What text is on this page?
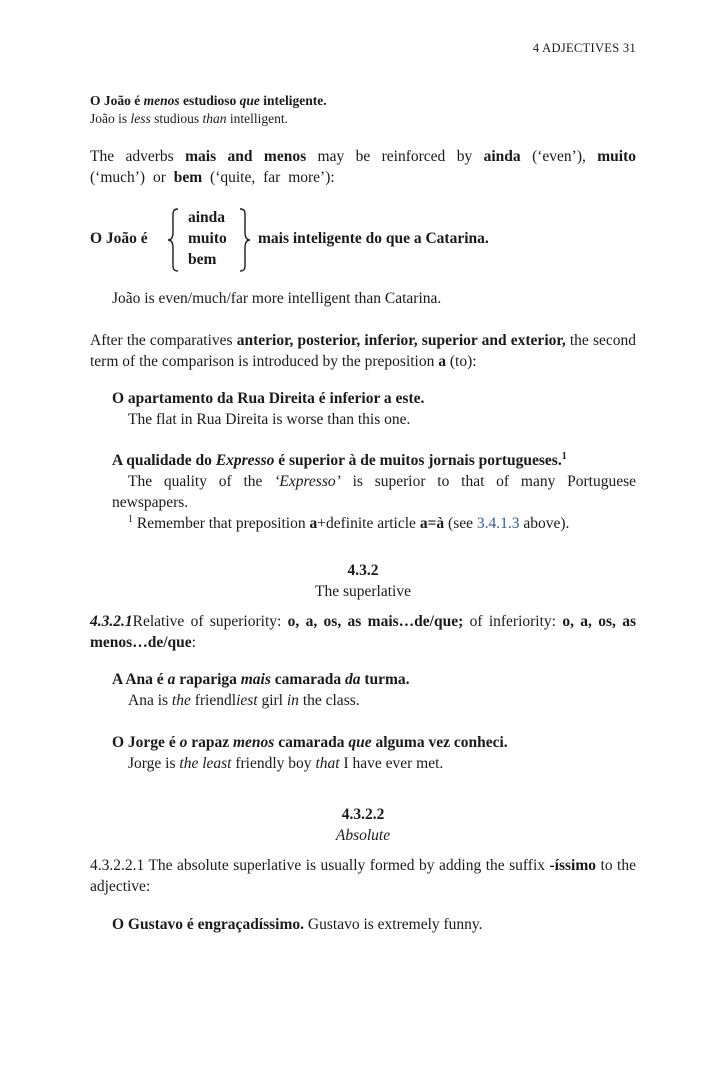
4 ADJECTIVES 31
O João é menos estudioso que inteligente.
João is less studious than intelligent.
The adverbs mais and menos may be reinforced by ainda (‘even’), muito (‘much’) or bem (‘quite, far more’):
O João é
ainda
muito
bem
mais inteligente do que a Catarina.
João is even/much/far more intelligent than Catarina.
After the comparatives anterior, posterior, inferior, superior and exterior, the second term of the comparison is introduced by the preposition a (to):
O apartamento da Rua Direita é inferior a este.
The flat in Rua Direita is worse than this one.
A qualidade do Expresso é superior à de muitos jornais portugueses.$^1$
The quality of the ‘Expresso’ is superior to that of many Portuguese newspapers.
$^1$ Remember that preposition a+definite article a=à (see 3.4.1.3 above).
4.3.2
The superlative
4.3.2.1Relative of superiority: o, a, os, as mais…de/que; of inferiority: o, a, os, as menos…de/que:
A Ana é a rapariga mais camarada da turma.
Ana is the friendliest girl in the class.
O Jorge é o rapaz menos camarada que alguma vez conheci.
Jorge is the least friendly boy that I have ever met.
4.3.2.2
Absolute
4.3.2.2.1 The absolute superlative is usually formed by adding the suffix -íssimo to the adjective:
O Gustavo é engraçadíssimo. Gustavo is extremely funny.
